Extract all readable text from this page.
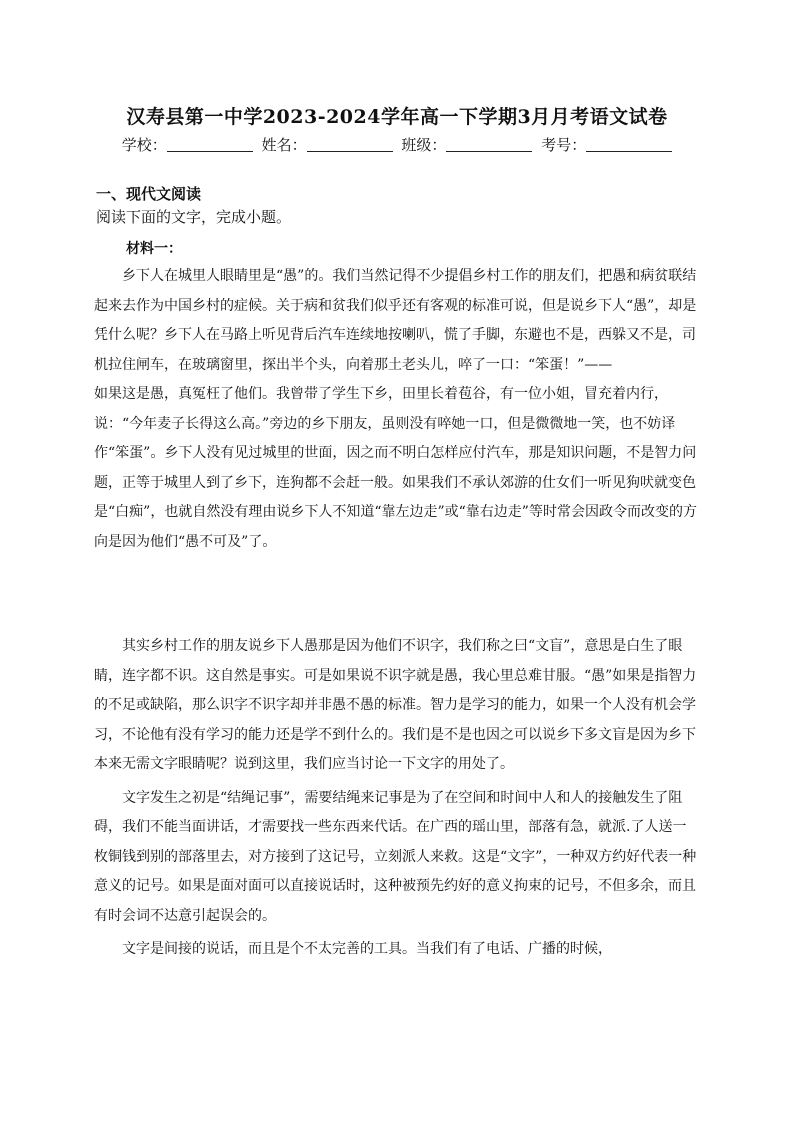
汉寿县第一中学2023-2024学年高一下学期3月月考语文试卷
学校：	姓名：	班级：	考号：
一、现代文阅读
阅读下面的文字，完成小题。
材料一：

乡下人在城里人眼睛里是“愚”的。我们当然记得不少提倡乡村工作的朋友们，把愚和病贫联结起来去作为中国乡村的症候。关于病和贫我们似乎还有客观的标准可说，但是说乡下人“愚”，却是凭什么呢？乡下人在马路上听见背后汽车连续地按喇叭，慌了手脚，东避也不是，西躲又不是，司机拉住闸车，在玻璃窗里，探出半个头，向着那土老头儿，啐了一口：“笨蛋！”——

如果这是愚，真冤枉了他们。我曾带了学生下乡，田里长着苞谷，有一位小姐，冒充着内行，说：“今年麦子长得这么高。”旁边的乡下朋友，虽则没有啐她一口，但是微微地一笑，也不妨译作“笨蛋”。乡下人没有见过城里的世面，因之而不明白怎样应付汽车，那是知识问题，不是智力问题，正等于城里人到了乡下，连狗都不会赶一般。如果我们不承认郊游的仕女们一听见狗吠就变色是“白痴”，也就自然没有理由说乡下人不知道“靠左边走”或“靠右边走”等时常会因政令而改变的方向是因为他们“愚不可及”了。

其实乡村工作的朋友说乡下人愚那是因为他们不识字，我们称之曰“文盲”，意思是白生了眼睛，连字都不识。这自然是事实。可是如果说不识字就是愚，我心里总难甘服。“愚”如果是指智力的不足或缺陷，那么识字不识字却并非愚不愚的标准。智力是学习的能力，如果一个人没有机会学习，不论他有没有学习的能力还是学不到什么的。我们是不是也因之可以说乡下多文盲是因为乡下本来无需文字眼睛呢？说到这里，我们应当讨论一下文字的用处了。

文字发生之初是“结绳记事”，需要结绳来记事是为了在空间和时间中人和人的接触发生了阻碍，我们不能当面讲话，才需要找一些东西来代话。在广西的瑶山里，部落有急，就派.了人送一枚铜钱到别的部落里去，对方接到了这记号，立刻派人来救。这是“文字”，一种双方约好代表一种意义的记号。如果是面对面可以直接说话时，这种被预先约好的意义拘束的记号，不但多余，而且有时会词不达意引起误会的。

文字是间接的说话，而且是个不太完善的工具。当我们有了电话、广播的时候，
